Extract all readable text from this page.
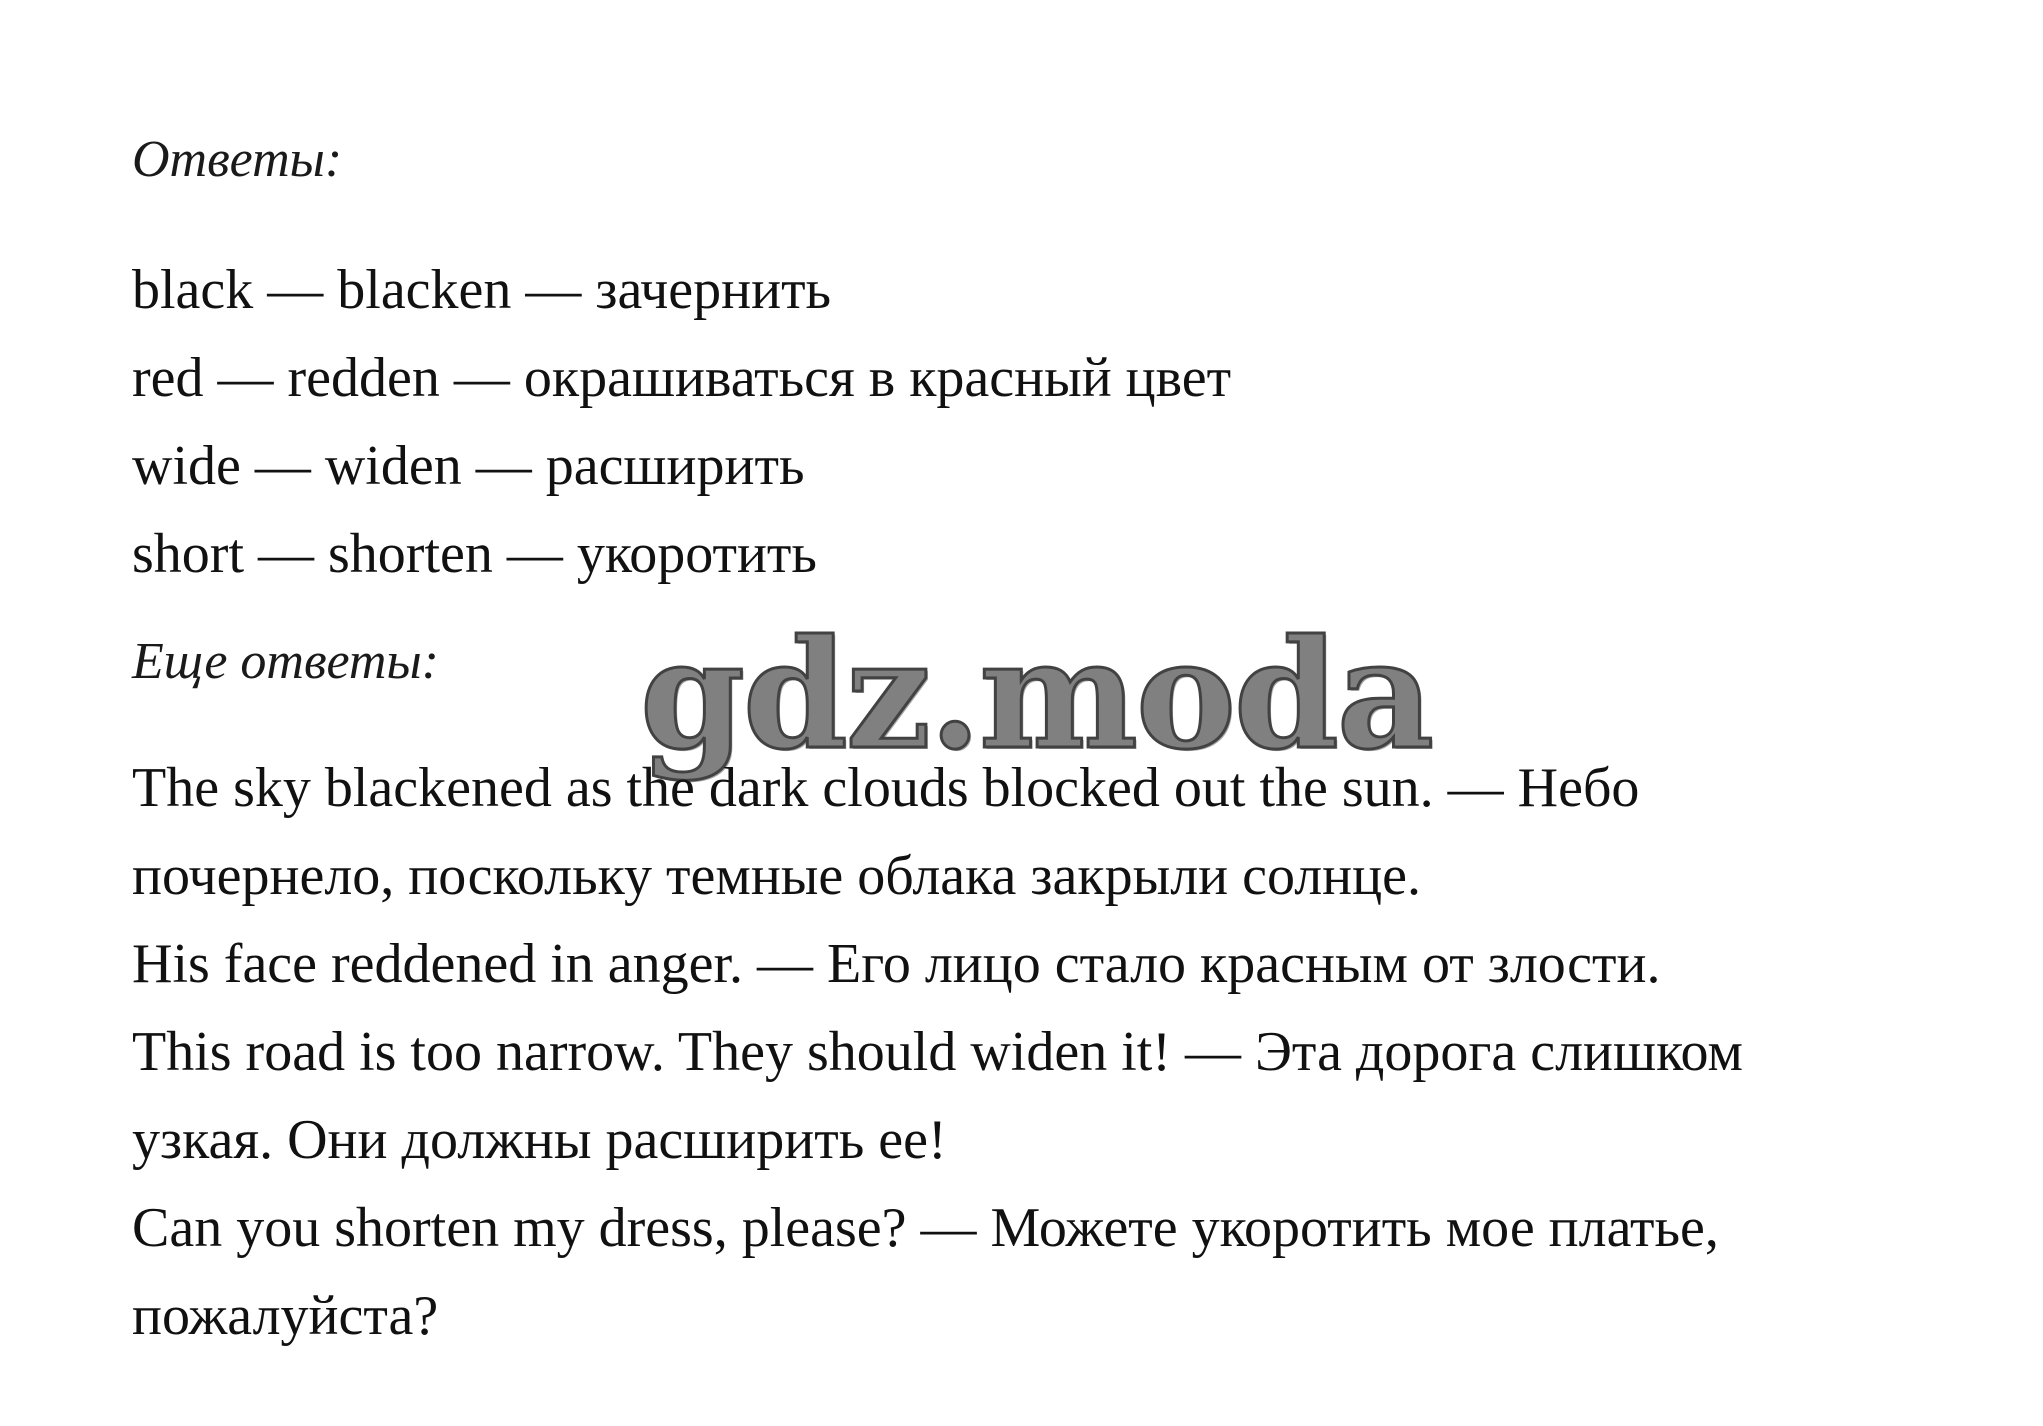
Ответы:
black — blacken — зачернить
red — redden — окрашиваться в красный цвет
wide — widen — расширить
short — shorten — укоротить
Еще ответы: gdz.moda
The sky blackened as the dark clouds blocked out the sun. — Небо
почернело, поскольку темные облака закрыли солнце.
His face reddened in anger. — Его лицо стало красным от злости.
This road is too narrow. They should widen it! — Эта дорога слишком
узкая. Они должны расширить ее!
Can you shorten my dress, please? — Можете укоротить мое платье,
пожалуйста?
